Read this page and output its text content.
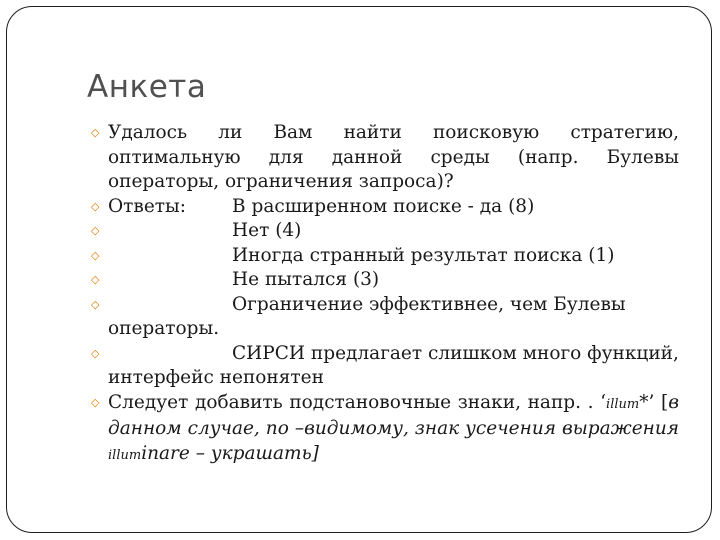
Анкета
◇ Удалось ли Вам найти поисковую стратегию, оптимальную для данной среды (напр. Булевы операторы, ограничения запроса)?
◇ Ответы: В расширенном поиске - да (8)
◇	Нет (4)
◇	Иногда странный результат поиска (1)
◇	Не пытался (3)
◇	Ограничение эффективнее, чем Булевы
операторы.
◇	СИРСИ предлагает слишком много функций,
интерфейс непонятен
◇ Следует добавить подстановочные знаки, напр. . ‘illum*’ [в данном случае, по –видимому, знак усечения выражения illuminare – украшать]
